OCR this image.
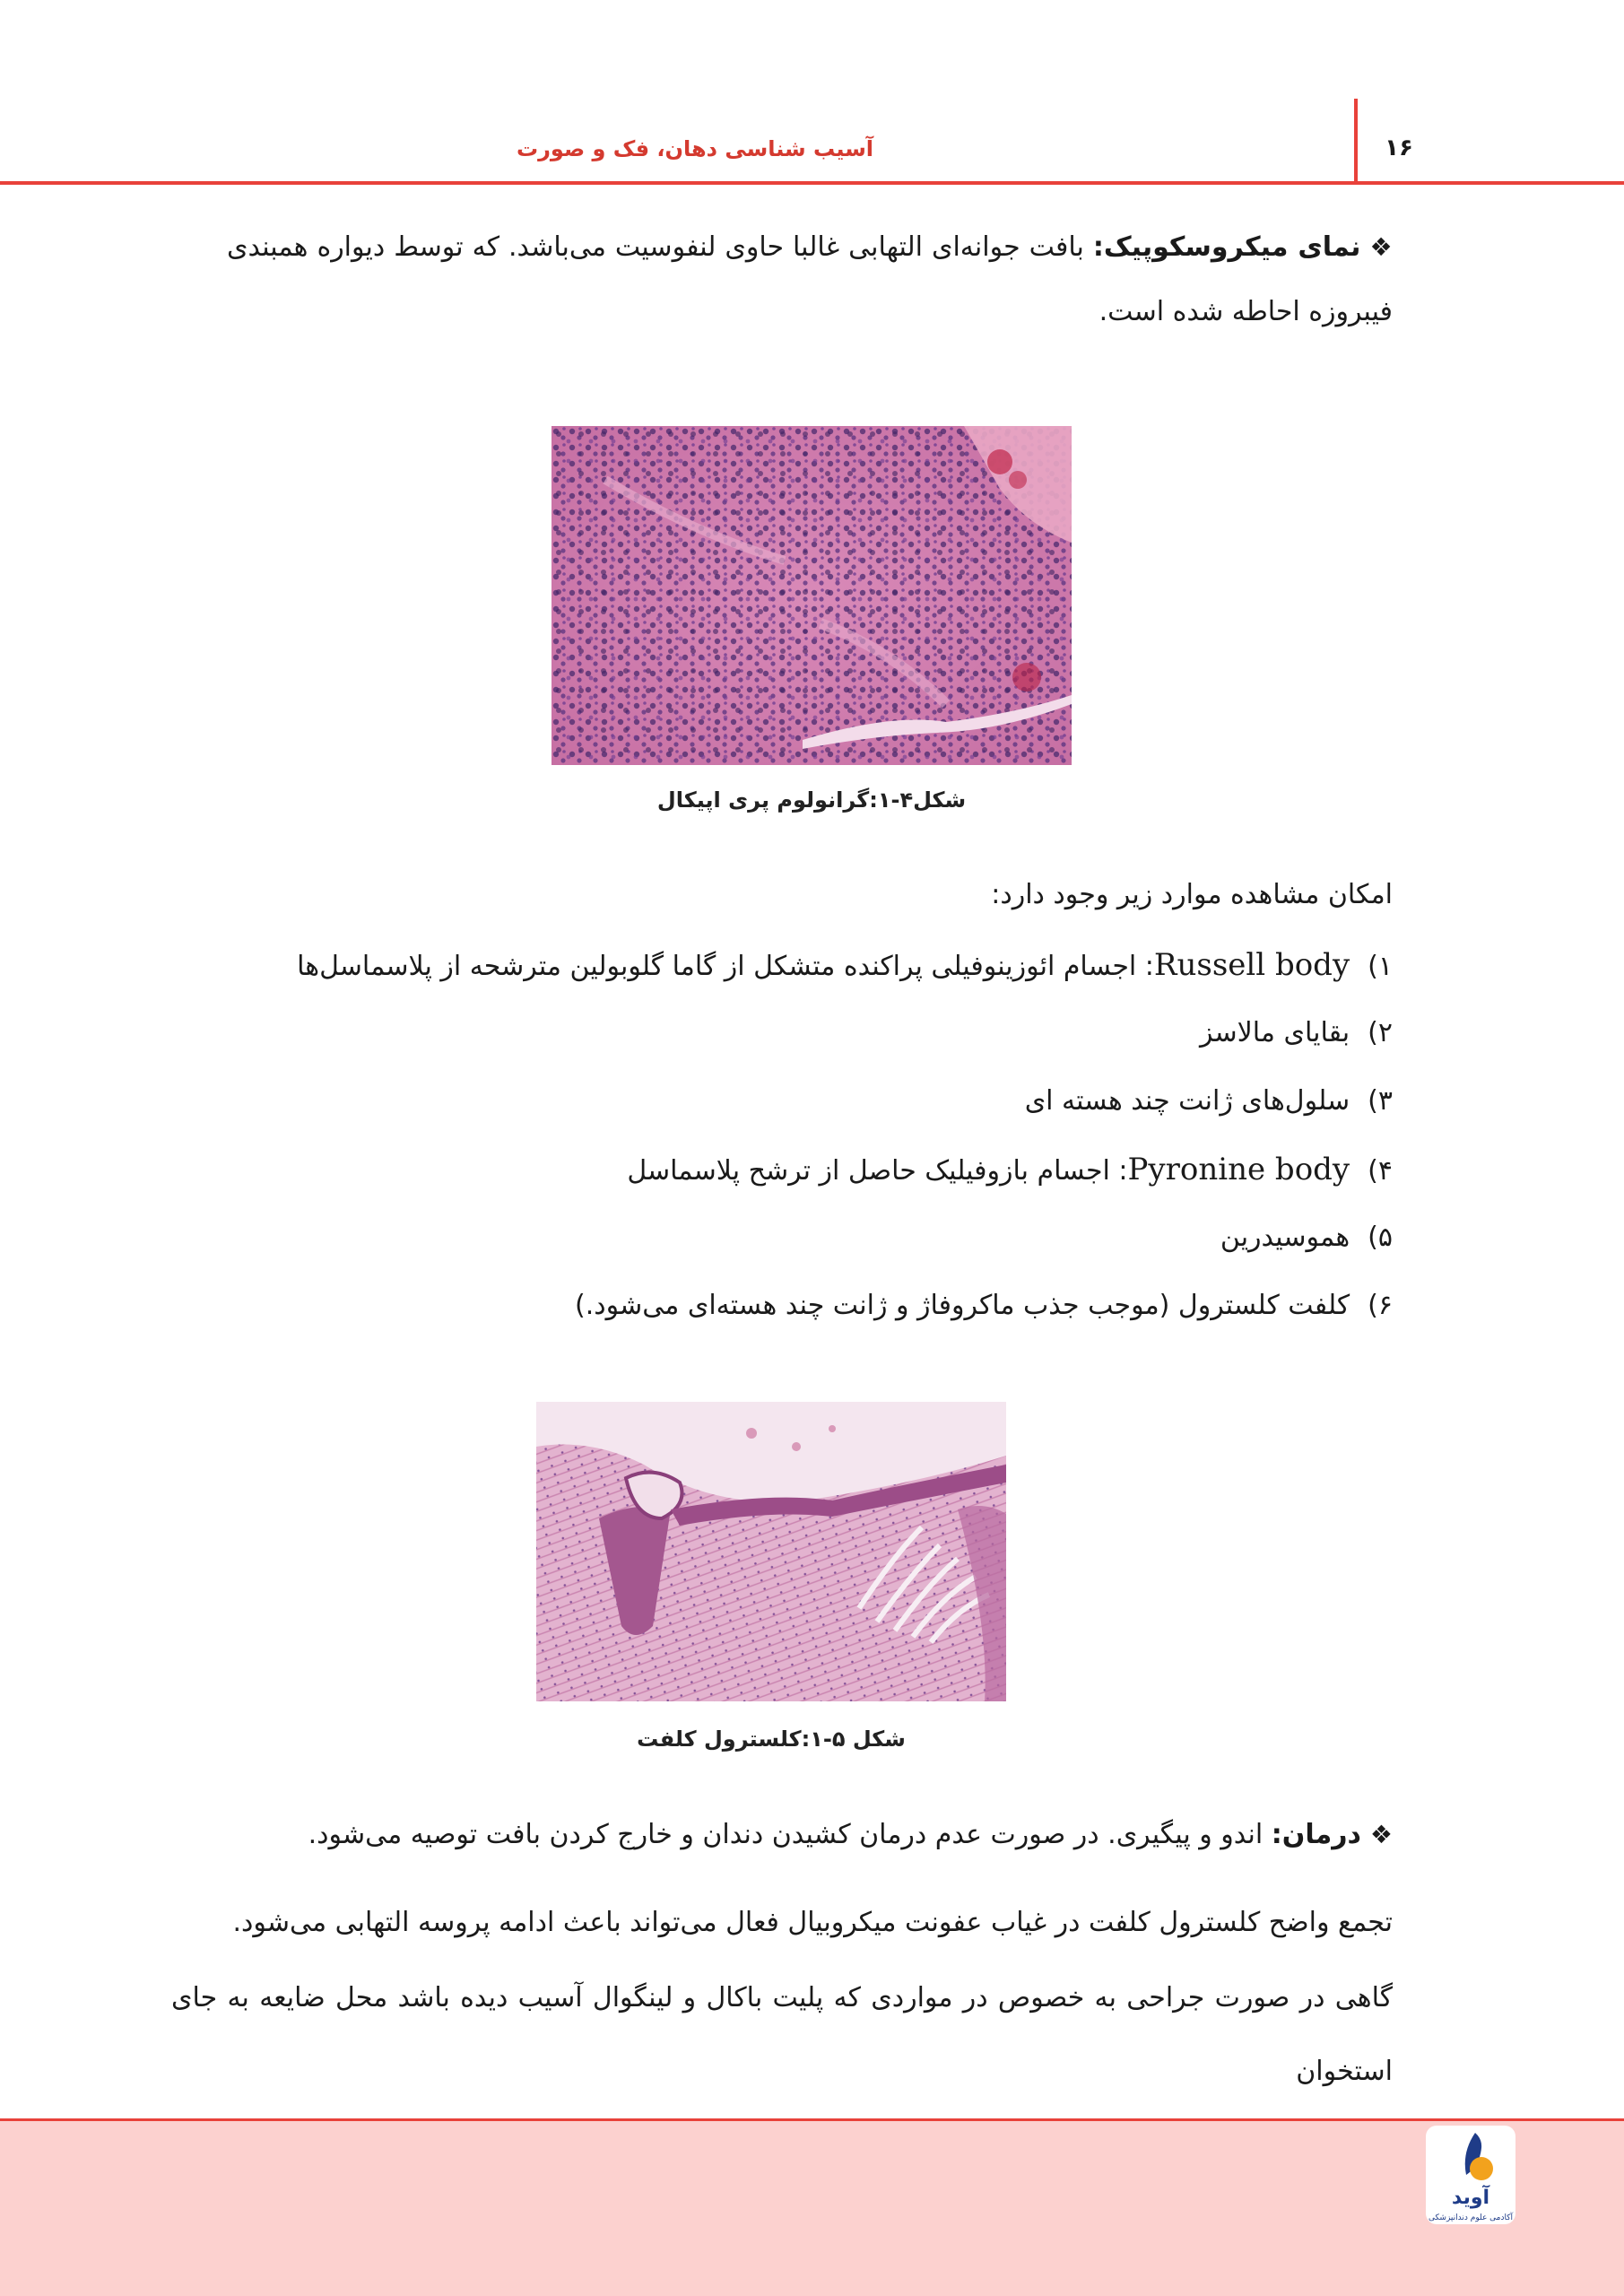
آسیب شناسی دهان، فک و صورت	۱۶
❖نمای میکروسکوپیک: بافت جوانه‌ای التهابی غالبا حاوی لنفوسیت می‌باشد. که توسط دیواره همبندی
فیبروزه احاطه شده است.
شکل۴-۱:گرانولوم پری اپیکال
امکان مشاهده موارد زیر وجود دارد:
۱)Russell body: اجسام ائوزینوفیلی پراکنده متشکل از گاما گلوبولین مترشحه از پلاسماسل‌ها
۲)بقایای مالاسز
۳)سلول‌های ژانت چند هسته ای
۴)Pyronine body: اجسام بازوفیلیک حاصل از ترشح پلاسماسل
۵)هموسیدرین
۶)کلفت کلسترول (موجب جذب ماکروفاژ و ژانت چند هسته‌ای می‌شود.)
شکل ۵-۱:کلسترول کلفت
❖درمان: اندو و پیگیری. در صورت عدم درمان کشیدن دندان و خارج کردن بافت توصیه می‌شود.
تجمع واضح کلسترول کلفت در غیاب عفونت میکروبیال فعال می‌تواند باعث ادامه پروسه التهابی می‌شود.
گاهی در صورت جراحی به خصوص در مواردی که پلیت باکال و لینگوال آسیب دیده باشد محل ضایعه به جای استخوان
آوید
آکادمی علوم دندانپزشکی
